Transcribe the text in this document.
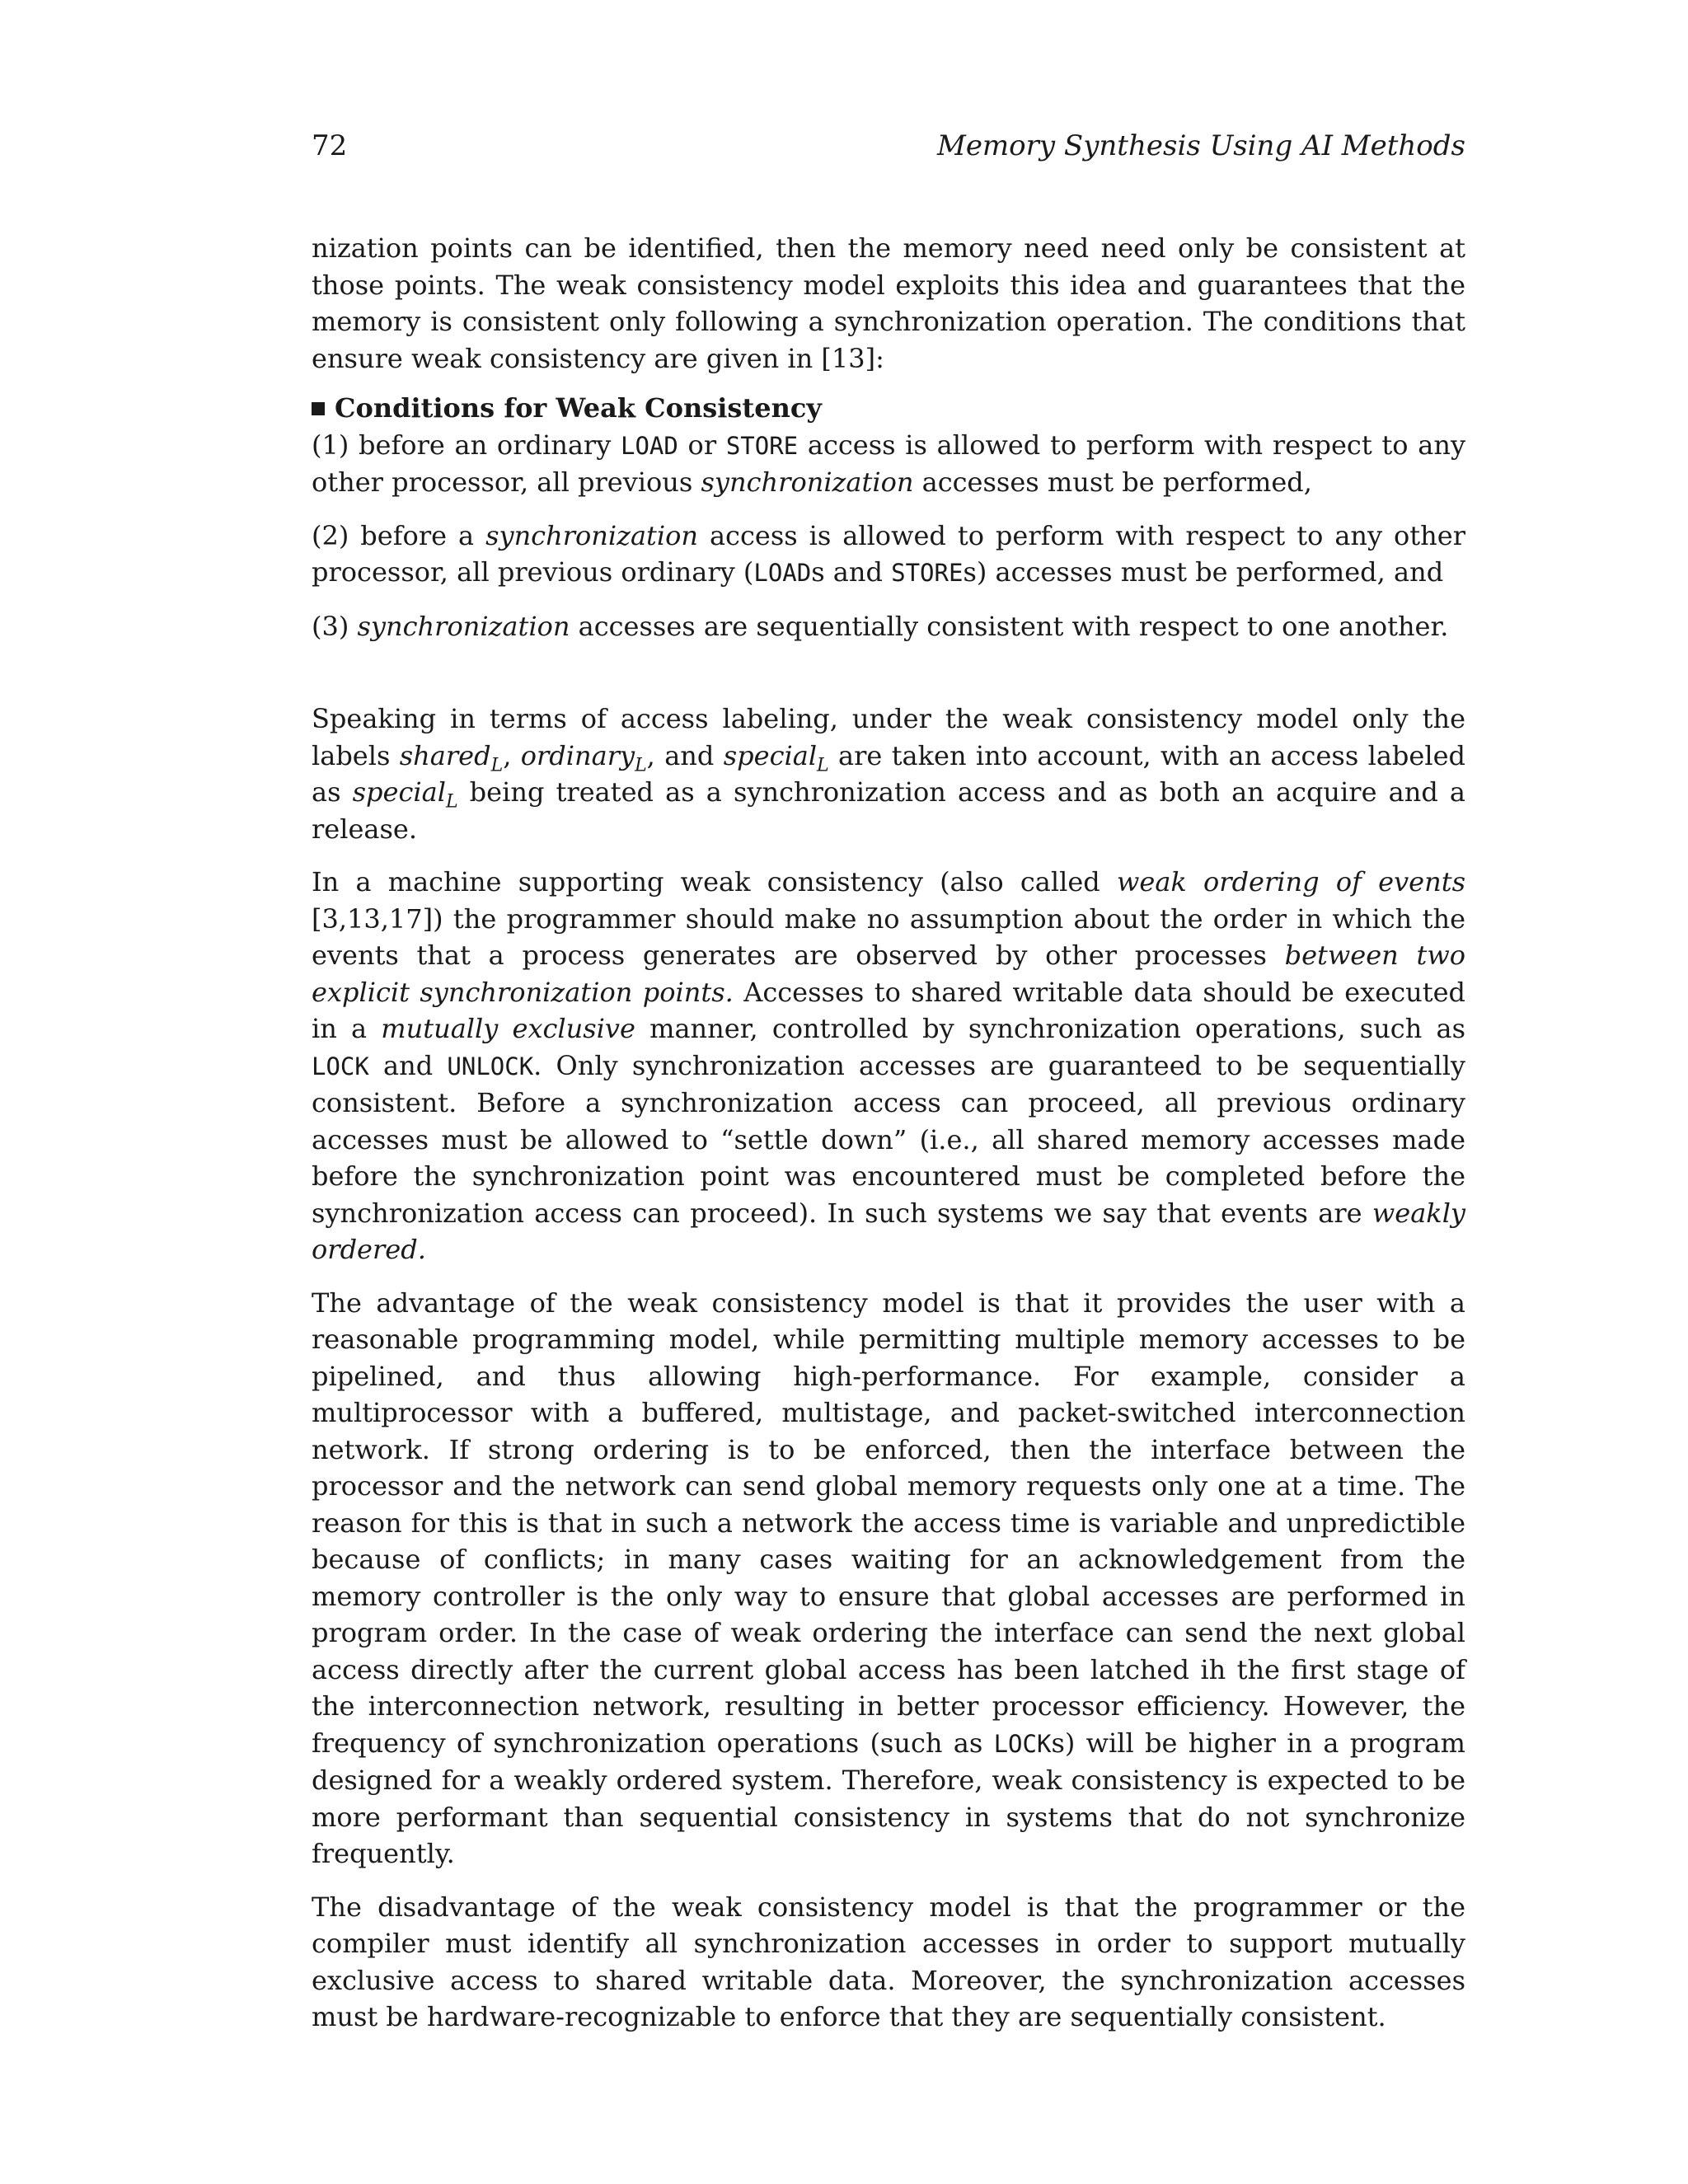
72	Memory Synthesis Using AI Methods

nization points can be identified, then the memory need need only be consistent at those points. The weak consistency model exploits this idea and guarantees that the memory is consistent only following a synchronization operation. The conditions that ensure weak consistency are given in [13]:

Conditions for Weak Consistency

(1) before an ordinary LOAD or STORE access is allowed to perform with respect to any other processor, all previous synchronization accesses must be performed,

(2) before a synchronization access is allowed to perform with respect to any other processor, all previous ordinary (LOADs and STOREs) accesses must be performed, and

(3) synchronization accesses are sequentially consistent with respect to one another.

Speaking in terms of access labeling, under the weak consistency model only the labels shared$_L$, ordinary$_L$, and special$_L$ are taken into account, with an access labeled as special$_L$ being treated as a synchronization access and as both an acquire and a release.

In a machine supporting weak consistency (also called weak ordering of events [3,13,17]) the programmer should make no assumption about the order in which the events that a process generates are observed by other processes between two explicit synchronization points. Accesses to shared writable data should be executed in a mutually exclusive manner, controlled by synchronization operations, such as LOCK and UNLOCK. Only synchronization accesses are guaranteed to be sequentially consistent. Before a synchronization access can proceed, all previous ordinary accesses must be allowed to “settle down” (i.e., all shared memory accesses made before the synchronization point was encountered must be completed before the synchronization access can proceed). In such systems we say that events are weakly ordered.

The advantage of the weak consistency model is that it provides the user with a reasonable programming model, while permitting multiple memory accesses to be pipelined, and thus allowing high-performance. For example, consider a multiprocessor with a buffered, multistage, and packet-switched interconnection network. If strong ordering is to be enforced, then the interface between the processor and the network can send global memory requests only one at a time. The reason for this is that in such a network the access time is variable and unpredictible because of conflicts; in many cases waiting for an acknowledgement from the memory controller is the only way to ensure that global accesses are performed in program order. In the case of weak ordering the interface can send the next global access directly after the current global access has been latched ih the first stage of the interconnection network, resulting in better processor efficiency. However, the frequency of synchronization operations (such as LOCKs) will be higher in a program designed for a weakly ordered system. Therefore, weak consistency is expected to be more performant than sequential consistency in systems that do not synchronize frequently.

The disadvantage of the weak consistency model is that the programmer or the compiler must identify all synchronization accesses in order to support mutually exclusive access to shared writable data. Moreover, the synchronization accesses must be hardware-recognizable to enforce that they are sequentially consistent.
